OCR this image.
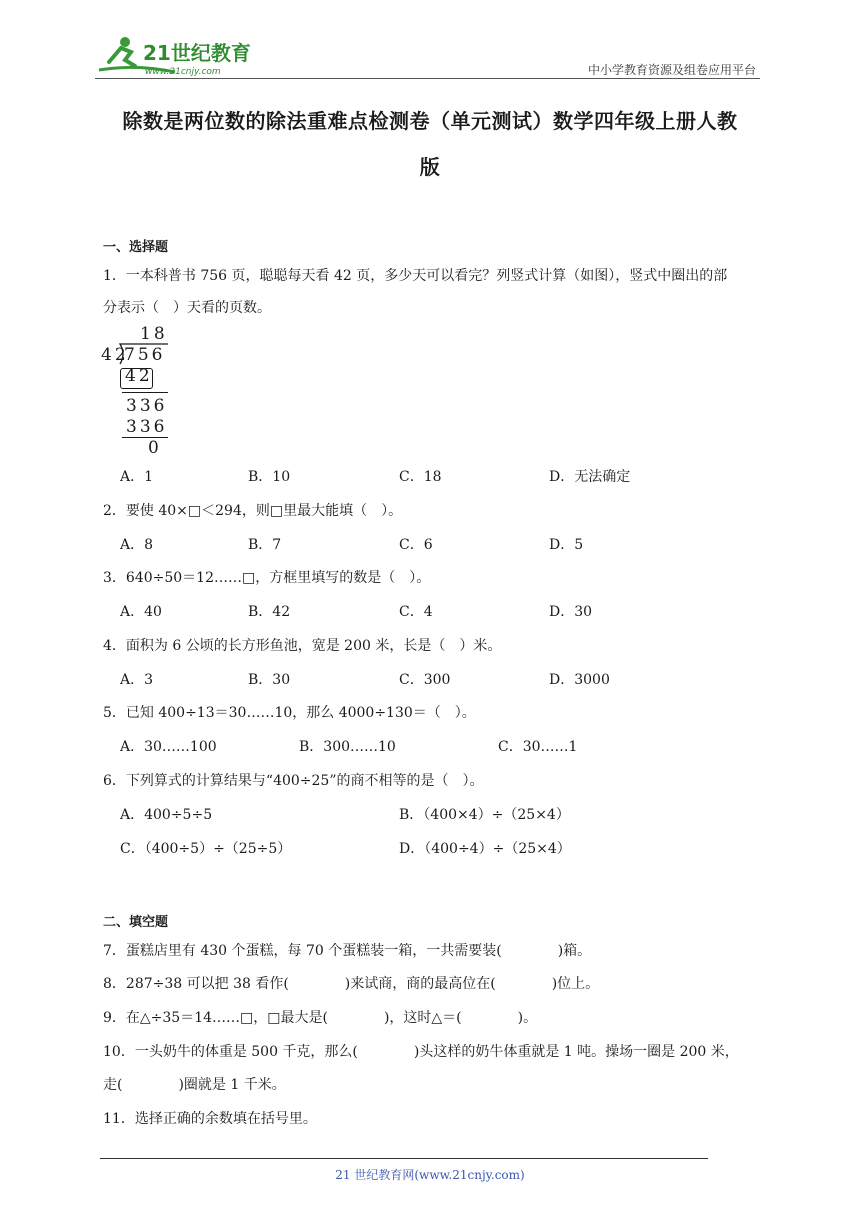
21世纪教育
www.21cnjy.com	中小学教育资源及组卷应用平台
除数是两位数的除法重难点检测卷（单元测试）数学四年级上册人教
版
一、选择题
1．一本科普书 756 页，聪聪每天看 42 页，多少天可以看完？列竖式计算（如图），竖式中圈出的部
分表示（　）天看的页数。
18
42
756
42
336
336
0
A．1	B．10	C．18	D．无法确定
2．要使 40×□＜294，则□里最大能填（　）。
A．8	B．7	C．6	D．5
3．640÷50＝12……□，方框里填写的数是（　）。
A．40	B．42	C．4	D．30
4．面积为 6 公顷的长方形鱼池，宽是 200 米，长是（　）米。
A．3	B．30	C．300	D．3000
5．已知 400÷13＝30……10，那么 4000÷130＝（　）。
A．30……100	B．300……10	C．30……1
6．下列算式的计算结果与“400÷25”的商不相等的是（　）。
A．400÷5÷5	B．（400×4）÷（25×4）
C．（400÷5）÷（25÷5）	D．（400÷4）÷（25×4）
二、填空题
7．蛋糕店里有 430 个蛋糕，每 70 个蛋糕装一箱，一共需要装(　　　　)箱。
8．287÷38 可以把 38 看作(　　　　)来试商，商的最高位在(　　　　)位上。
9．在△÷35＝14……□，□最大是(　　　　)，这时△＝(　　　　)。
10．一头奶牛的体重是 500 千克，那么(　　　　)头这样的奶牛体重就是 1 吨。操场一圈是 200 米，
走(　　　　)圈就是 1 千米。
11．选择正确的余数填在括号里。
21 世纪教育网(www.21cnjy.com)
